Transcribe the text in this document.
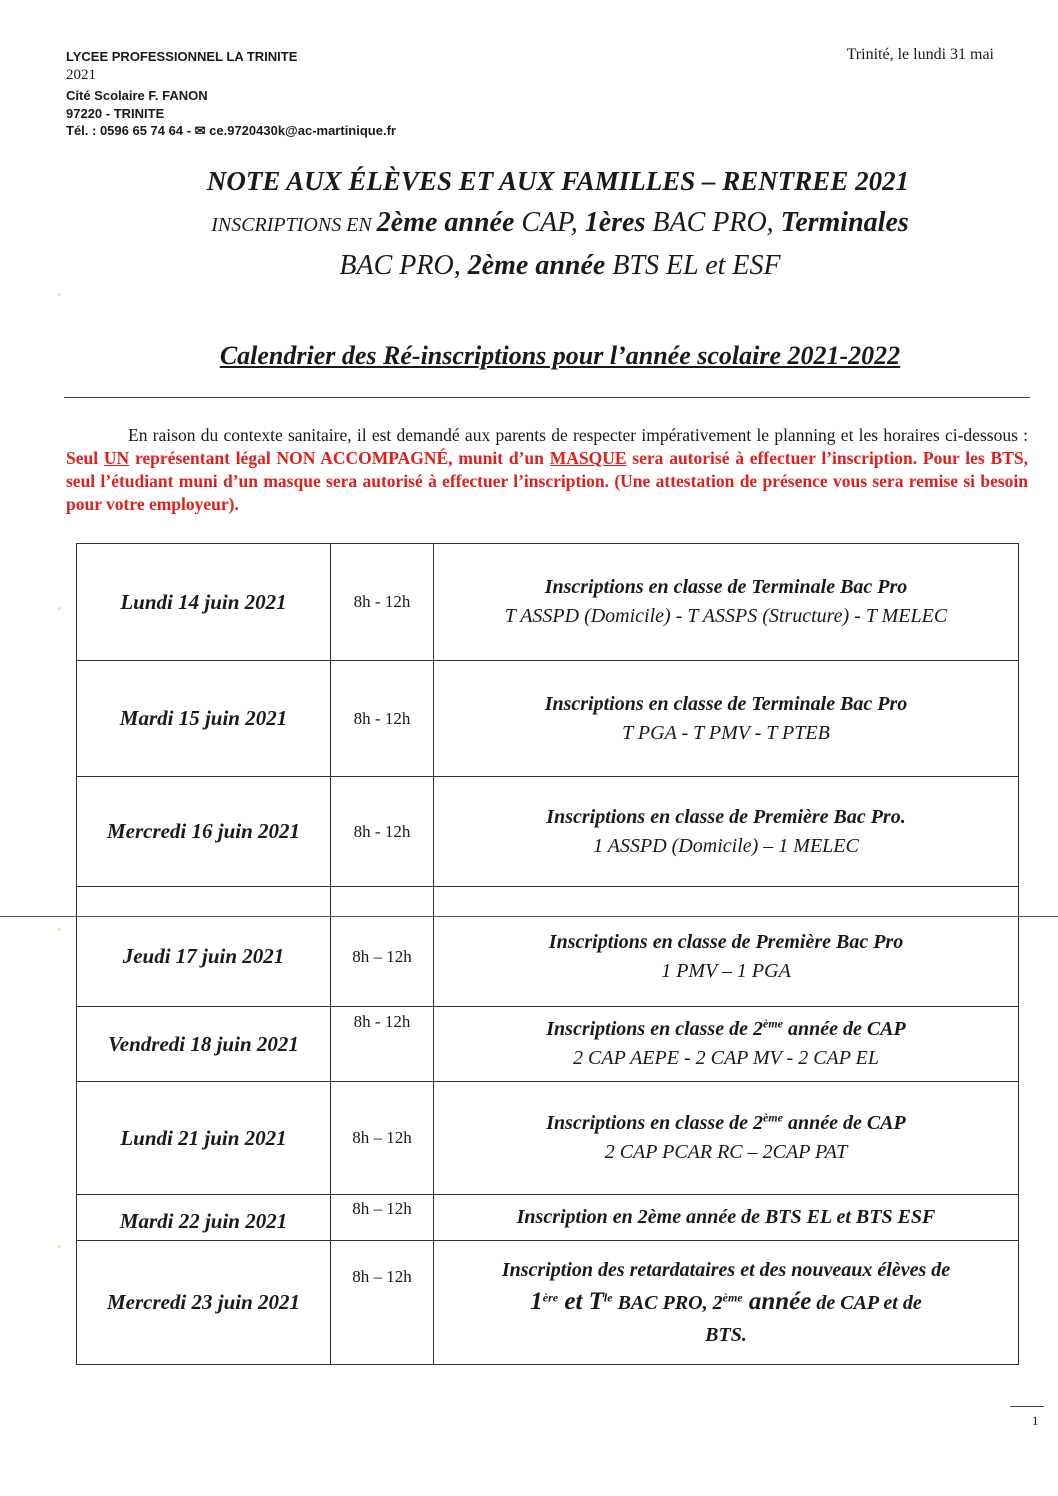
LYCEE PROFESSIONNEL LA TRINITE
2021
Cité Scolaire F. FANON
97220 - TRINITE
Tél. : 0596 65 74 64 - ✉ ce.9720430k@ac-martinique.fr
Trinité, le lundi 31 mai
NOTE AUX ÉLÈVES ET AUX FAMILLES – RENTREE 2021
INSCRIPTIONS EN 2ème année CAP, 1ères BAC PRO, Terminales
BAC PRO, 2ème année BTS EL et ESF
Calendrier des Ré-inscriptions pour l’année scolaire 2021-2022
En raison du contexte sanitaire, il est demandé aux parents de respecter impérativement le planning et les horaires ci-dessous : Seul UN représentant légal NON ACCOMPAGNÉ, munit d’un MASQUE sera autorisé à effectuer l’inscription. Pour les BTS, seul l’étudiant muni d’un masque sera autorisé à effectuer l’inscription. (Une attestation de présence vous sera remise si besoin pour votre employeur).
Lundi 14 juin 2021	8h - 12h	Inscriptions en classe de Terminale Bac Pro
T ASSPD (Domicile) - T ASSPS (Structure) - T MELEC

Mardi 15 juin 2021	8h - 12h	Inscriptions en classe de Terminale Bac Pro
T PGA - T PMV - T PTEB

Mercredi 16 juin 2021	8h - 12h	Inscriptions en classe de Première Bac Pro.
1 ASSPD (Domicile) – 1 MELEC

Jeudi 17 juin 2021	8h – 12h	Inscriptions en classe de Première Bac Pro
1 PMV – 1 PGA

Vendredi 18 juin 2021	8h - 12h	Inscriptions en classe de 2ème année de CAP
2 CAP AEPE - 2 CAP MV - 2 CAP EL

Lundi 21 juin 2021	8h – 12h	Inscriptions en classe de 2ème année de CAP
2 CAP PCAR RC – 2CAP PAT

Mardi 22 juin 2021	8h – 12h	Inscription en 2ème année de BTS EL et BTS ESF
Mercredi 23 juin 2021	8h – 12h	Inscription des retardataires et des nouveaux élèves de
1ère et $T^{le}$ BAC PRO, 2ème année de CAP et de
BTS.
1
